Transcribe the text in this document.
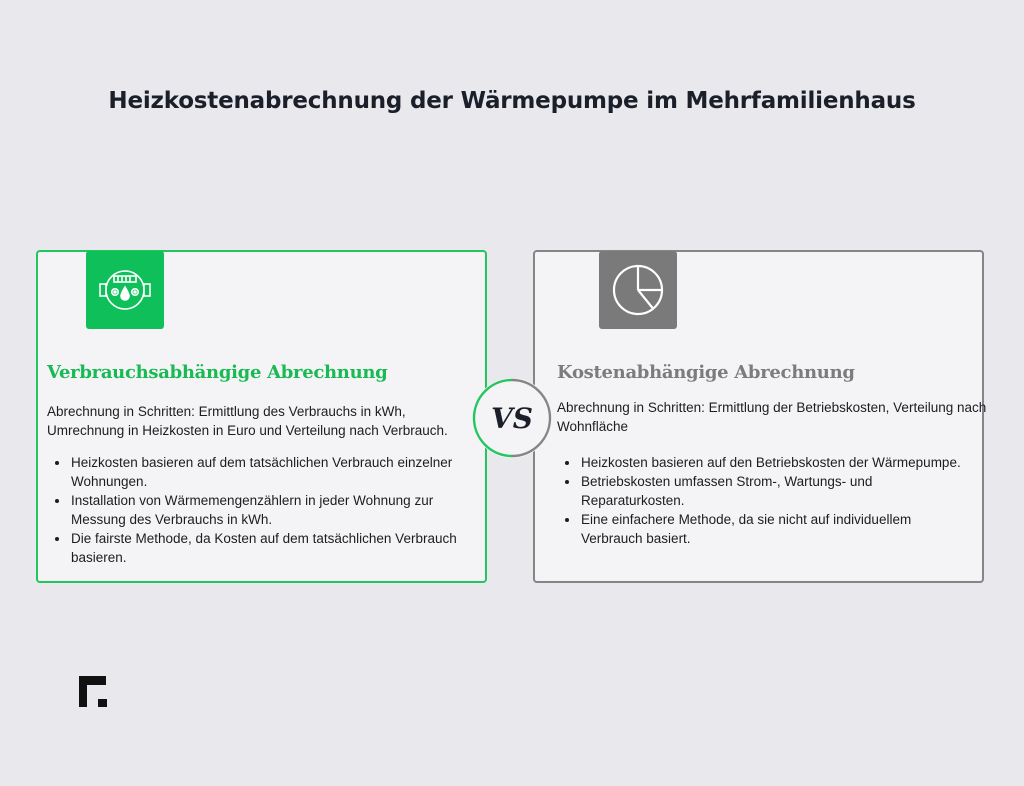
Heizkostenabrechnung der Wärmepumpe im Mehrfamilienhaus
Verbrauchsabhängige Abrechnung
Abrechnung in Schritten: Ermittlung des Verbrauchs in kWh, Umrechnung in Heizkosten in Euro und Verteilung nach Verbrauch.
• Heizkosten basieren auf dem tatsächlichen Verbrauch einzelner Wohnungen.
• Installation von Wärmemengenzählern in jeder Wohnung zur Messung des Verbrauchs in kWh.
• Die fairste Methode, da Kosten auf dem tatsächlichen Verbrauch basieren.
Kostenabhängige Abrechnung
Abrechnung in Schritten: Ermittlung der Betriebskosten, Verteilung nach Wohnfläche
• Heizkosten basieren auf den Betriebskosten der Wärmepumpe.
• Betriebskosten umfassen Strom-, Wartungs- und Reparaturkosten.
• Eine einfachere Methode, da sie nicht auf individuellem Verbrauch basiert.
VS
